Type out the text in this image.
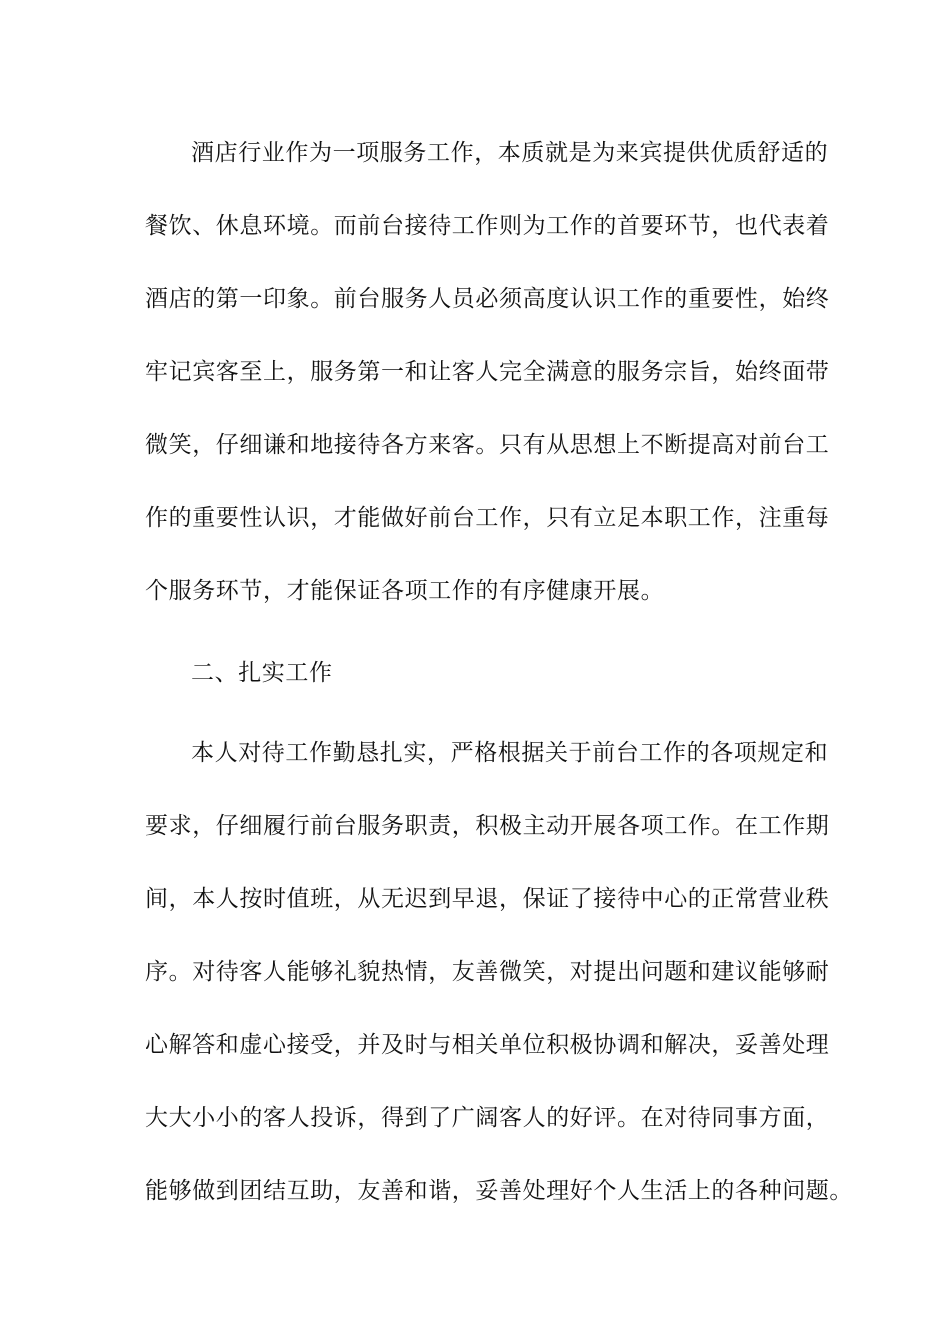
酒店行业作为一项服务工作，本质就是为来宾提供优质舒适的
餐饮、休息环境。而前台接待工作则为工作的首要环节，也代表着
酒店的第一印象。前台服务人员必须高度认识工作的重要性，始终
牢记宾客至上，服务第一和让客人完全满意的服务宗旨，始终面带
微笑，仔细谦和地接待各方来客。只有从思想上不断提高对前台工
作的重要性认识，才能做好前台工作，只有立足本职工作，注重每
个服务环节，才能保证各项工作的有序健康开展。
二、扎实工作
本人对待工作勤恳扎实，严格根据关于前台工作的各项规定和
要求，仔细履行前台服务职责，积极主动开展各项工作。在工作期
间，本人按时值班，从无迟到早退，保证了接待中心的正常营业秩
序。对待客人能够礼貌热情，友善微笑，对提出问题和建议能够耐
心解答和虚心接受，并及时与相关单位积极协调和解决，妥善处理
大大小小的客人投诉，得到了广阔客人的好评。在对待同事方面，
能够做到团结互助，友善和谐，妥善处理好个人生活上的各种问题。
